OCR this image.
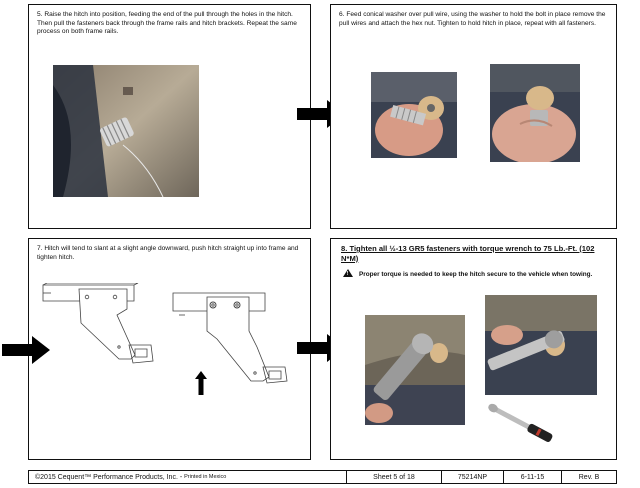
5. Raise the hitch into position, feeding the end of the pull through the holes in the hitch. Then pull the fasteners back through the frame rails and hitch brackets. Repeat the same process on both frame rails.
6. Feed conical washer over pull wire, using the washer to hold the bolt in place remove the pull wires and attach the hex nut. Tighten to hold hitch in place, repeat with all fasteners.
7. Hitch will tend to slant at a slight angle downward, push hitch straight up into frame and tighten hitch.
8. Tighten all ½-13 GR5 fasteners with torque wrench to 75 Lb.-Ft. (102 N*M)
! Proper torque is needed to keep the hitch secure to the vehicle when towing.
©2015 Cequent™ Performance Products, Inc. -
Printed in Mexico	Sheet 5 of 18	75214NP	6-11-15	Rev. B
